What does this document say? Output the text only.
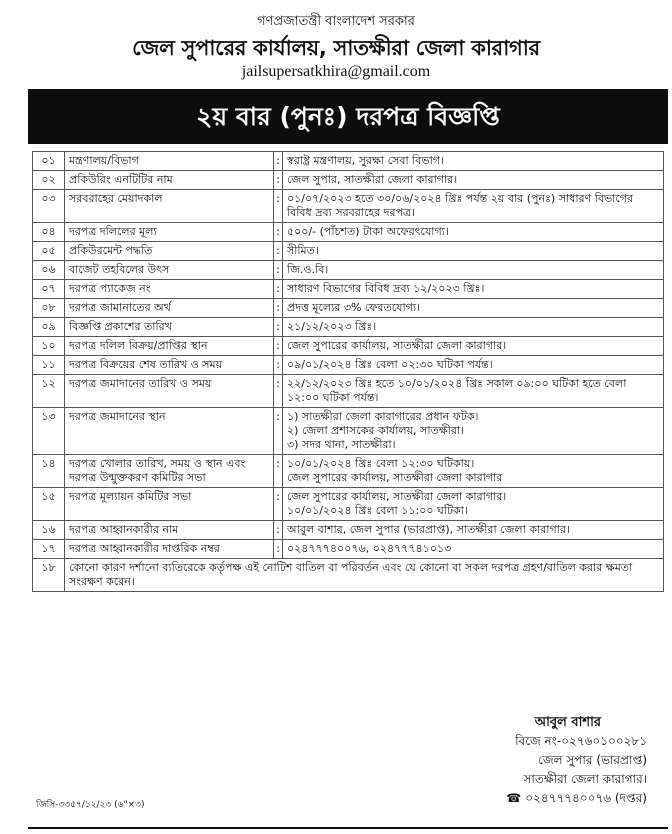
গণপ্রজাতন্ত্রী বাংলাদেশ সরকার
জেল সুপারের কার্যালয়, সাতক্ষীরা জেলা কারাগার
jailsupersatkhira@gmail.com
২য় বার (পুনঃ) দরপত্র বিজ্ঞপ্তি
০১	মন্ত্রণালয়/বিভাগ	:	স্বরাষ্ট্র মন্ত্রণালয়, সুরক্ষা সেবা বিভাগ।
০২	প্রকিউরিং এনটিটির নাম	:	জেল সুপার, সাতক্ষীরা জেলা কারাগার।
০৩	সরবরাহের মেয়াদকাল	:	০১/০৭/২০২৩ হতে ৩০/০৬/২০২৪ খ্রিঃ পর্যন্ত ২য় বার (পুনঃ) সাধারণ বিভাগের বিবিধ দ্রব্য সরবরাহের দরপত্র।
০৪	দরপত্র দলিলের মূল্য	:	৫০০/- (পাঁচশত) টাকা অফেরৎযোগ্য।
০৫	প্রকিউরমেন্ট পদ্ধতি	:	সীমিত।
০৬	বাজেট তহবিলের উৎস	:	জি.ও.বি।
০৭	দরপত্র প্যাকেজ নং	:	সাধারণ বিভাগের বিবিধ দ্রব্য ১২/২০২৩ খ্রিঃ।
০৮	দরপত্র জামানাতের অর্থ	:	প্রদত্ত মূল্যের ৩% ফেরতযোগ্য।
০৯	বিজ্ঞপ্তি প্রকাশের তারিখ	:	২১/১২/২০২৩ খ্রিঃ।
১০	দরপত্র দলিল বিক্রয়/প্রাপ্তির স্থান	:	জেল সুপারের কার্যালয়, সাতক্ষীরা জেলা কারাগার।
১১	দরপত্র বিক্রয়ের শেষ তারিখ ও সময়	:	০৯/০১/২০২৪ খ্রিঃ বেলা ০২:৩০ ঘটিকা পর্যন্ত।
১২	দরপত্র জমাদানের তারিখ ও সময়	:	২২/১২/২০২৩ খ্রিঃ হতে ১০/০১/২০২৪ খ্রিঃ সকাল ০৯:০০ ঘটিকা হতে বেলা ১২:০০ ঘটিকা পর্যন্ত।
১৩	দরপত্র জমাদানের স্থান	:	১) সাতক্ষীরা জেলা কারাগারের প্রধান ফটক।
২) জেলা প্রশাসকের কার্যালয়, সাতক্ষীরা।
৩) সদর থানা, সাতক্ষীরা।

১৪	দরপত্র খোলার তারিখ, সময় ও স্থান এবং দরপত্র উন্মুক্তকরণ কমিটির সভা	:	১০/০১/২০২৪ খ্রিঃ বেলা ১২:৩০ ঘটিকায়।
জেল সুপারের কার্যালয়, সাতক্ষীরা জেলা কারাগার

১৫	দরপত্র মূল্যায়ন কমিটির সভা	:	জেল সুপারের কার্যালয়, সাতক্ষীরা জেলা কারাগার।
১০/০১/২০২৪ খ্রিঃ বেলা ১১:০০ ঘটিকা।

১৬	দরপত্র আহ্বানকারীর নাম	:	আবুল বাশার, জেল সুপার (ভারপ্রাপ্ত), সাতক্ষীরা জেলা কারাগার।
১৭	দরপত্র আহ্বানকারীর দাপ্তরিক নম্বর	:	০২৪৭৭৭৪০০৭৬, ০২৪৭৭৭৪১০১৩
১৮	কোনো কারণ দর্শানো ব্যতিরেকে কর্তৃপক্ষ এই নোটিশ বাতিল বা পরিবর্তন এবং যে কোনো বা সকল দরপত্র গ্রহণ/বাতিল করার ক্ষমতা সংরক্ষণ করেন।		
আবুল বাশার
বিজে নং-০২৭৬০১০০২৮১
জেল সুপার (ভারপ্রাপ্ত)
সাতক্ষীরা জেলা কারাগার।
☎ ০২৪৭৭৭৪০০৭৬ (দপ্তর)
জিসি-৩৩৫৭/১২/২৩ (৬"×৩)
